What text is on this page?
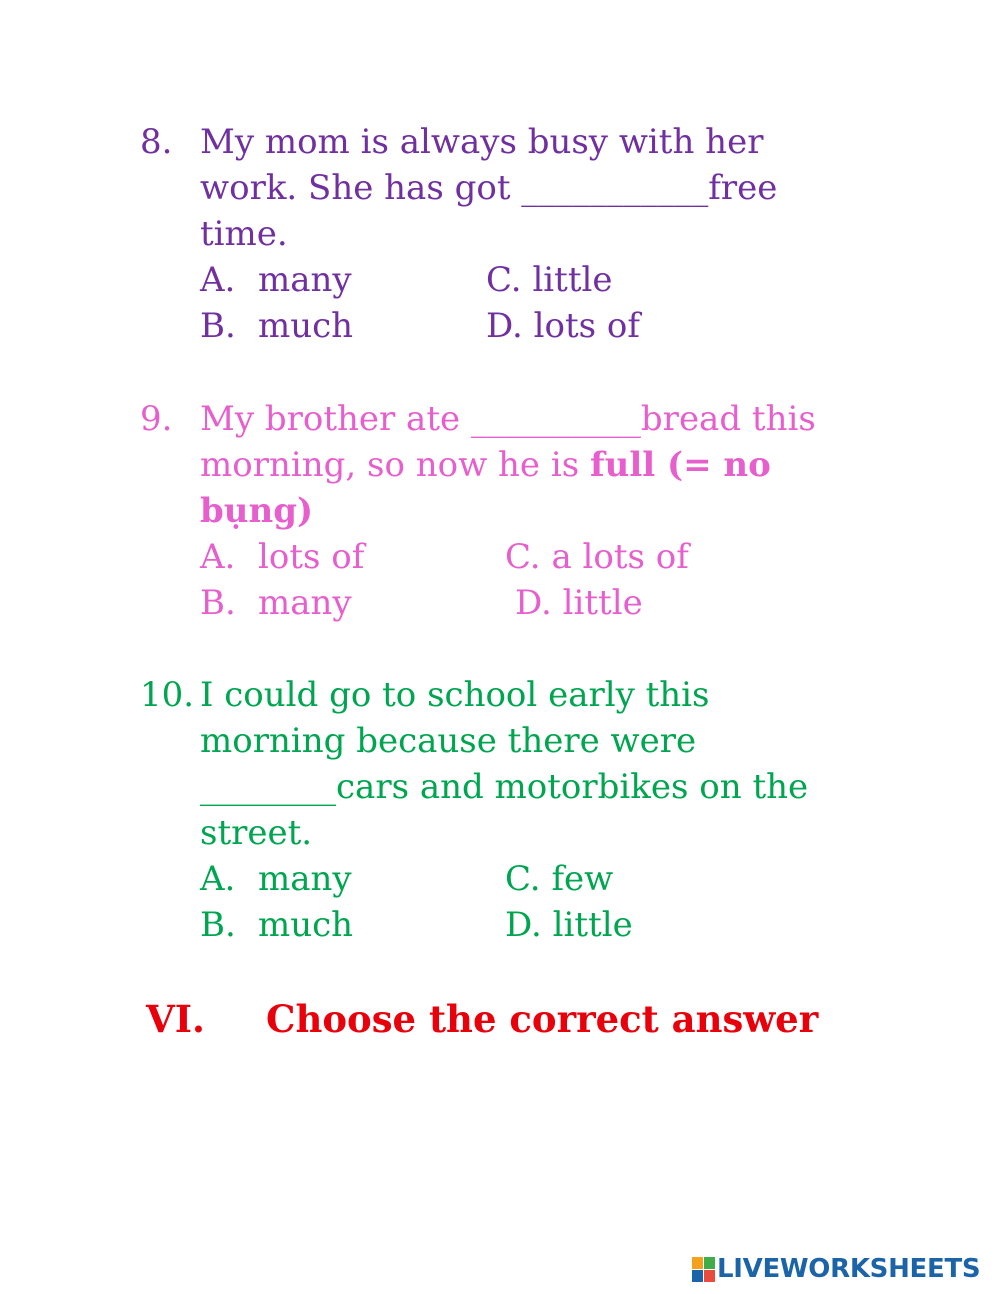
8. My mom is always busy with her
work. She has got ___________free
time.
A. many	C. little
B. much	D. lots of
9. My brother ate __________bread this
morning, so now he is full (= no
bụng)
A. lots of	C. a lots of
B. many	D. little
10. I could go to school early this
morning because there were
________cars and motorbikes on the
street.
A. many	C. few
B. much	D. little
VI. Choose the correct answer
LIVEWORKSHEETS
